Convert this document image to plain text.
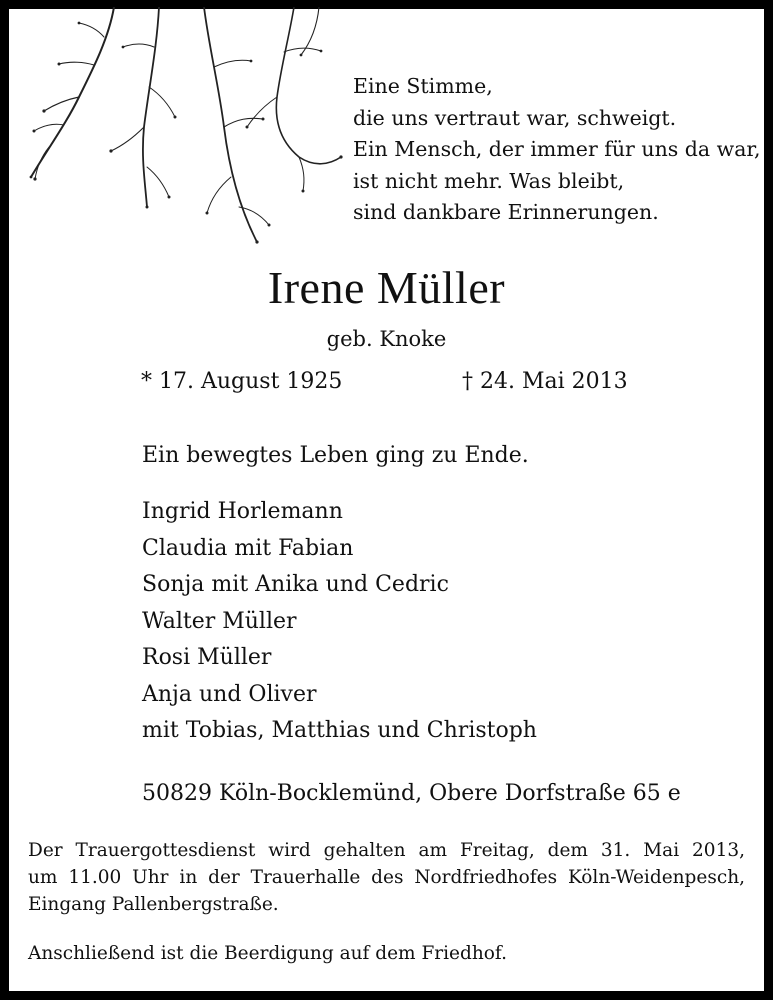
Eine Stimme,
die uns vertraut war, schweigt.
Ein Mensch, der immer für uns da war,
ist nicht mehr. Was bleibt,
sind dankbare Erinnerungen.
Irene Müller
geb. Knoke
* 17. August 1925	† 24. Mai 2013
Ein bewegtes Leben ging zu Ende.
Ingrid Horlemann
Claudia mit Fabian
Sonja mit Anika und Cedric
Walter Müller
Rosi Müller
Anja und Oliver
mit Tobias, Matthias und Christoph
50829 Köln-Bocklemünd, Obere Dorfstraße 65 e
Der Trauergottesdienst wird gehalten am Freitag, dem 31. Mai 2013,
um 11.00 Uhr in der Trauerhalle des Nordfriedhofes Köln-Weidenpesch,
Eingang Pallenbergstraße.
Anschließend ist die Beerdigung auf dem Friedhof.
